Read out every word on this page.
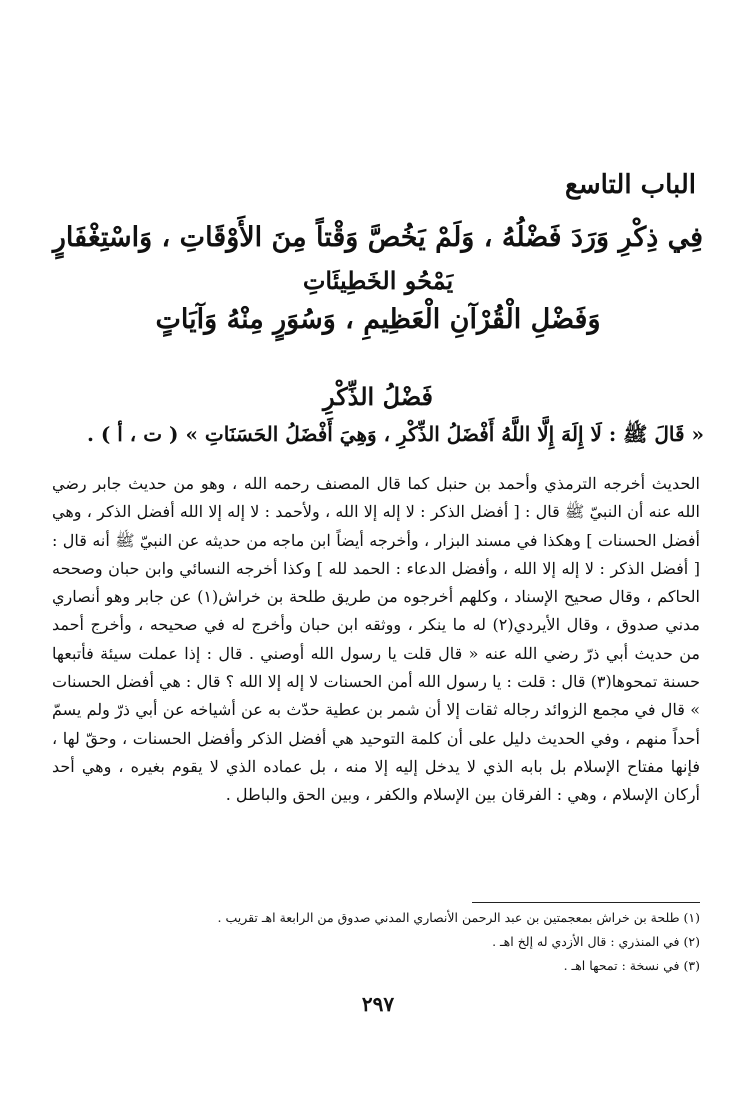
الباب التاسع
فِي ذِكْرِ وَرَدَ فَضْلُهُ ، وَلَمْ يَخُصَّ وَقْتاً مِنَ الأَوْقَاتِ ، وَاسْتِغْفَارٍ
يَمْحُو الخَطِيئَاتِ
وَفَضْلِ الْقُرْآنِ الْعَظِيمِ ، وَسُوَرٍ مِنْهُ وَآيَاتٍ
فَضْلُ الذِّكْرِ
« قَالَ ﷺ : لَا إِلَهَ إِلَّا اللَّهُ أَفْضَلُ الذِّكْرِ ، وَهِيَ أَفْضَلُ الحَسَنَاتِ » ( ت ، أ ) .

الحديث أخرجه الترمذي وأحمد بن حنبل كما قال المصنف رحمه الله ، وهو من حديث جابر رضي الله عنه أن النبيّ ﷺ قال : [ أفضل الذكر : لا إله إلا الله ، ولأحمد : لا إله إلا الله أفضل الذكر ، وهي أفضل الحسنات ] وهكذا في مسند البزار ، وأخرجه أيضاً ابن ماجه من حديثه عن النبيّ ﷺ أنه قال : [ أفضل الذكر : لا إله إلا الله ، وأفضل الدعاء : الحمد لله ] وكذا أخرجه النسائي وابن حبان وصححه الحاكم ، وقال صحيح الإسناد ، وكلهم أخرجوه من طريق طلحة بن خراش(١) عن جابر وهو أنصاري مدني صدوق ، وقال الأيردي(٢) له ما ينكر ، ووثقه ابن حبان وأخرج له في صحيحه ، وأخرج أحمد من حديث أبي ذرّ رضي الله عنه « قال قلت يا رسول الله أوصني . قال : إذا عملت سيئة فأتبعها حسنة تمحوها(٣) قال : قلت : يا رسول الله أمن الحسنات لا إله إلا الله ؟ قال : هي أفضل الحسنات » قال في مجمع الزوائد رجاله ثقات إلا أن شمر بن عطية حدّث به عن أشياخه عن أبي ذرّ ولم يسمّ أحداً منهم ، وفي الحديث دليل على أن كلمة التوحيد هي أفضل الذكر وأفضل الحسنات ، وحقّ لها ، فإنها مفتاح الإسلام بل بابه الذي لا يدخل إليه إلا منه ، بل عماده الذي لا يقوم بغيره ، وهي أحد أركان الإسلام ، وهي : الفرقان بين الإسلام والكفر ، وبين الحق والباطل .

(١) طلحة بن خراش بمعجمتين بن عبد الرحمن الأنصاري المدني صدوق من الرابعة اهـ تقريب .
(٢) في المنذري : قال الأزدي له إلخ اهـ .
(٣) في نسخة : تمحها اهـ .
٢٩٧
